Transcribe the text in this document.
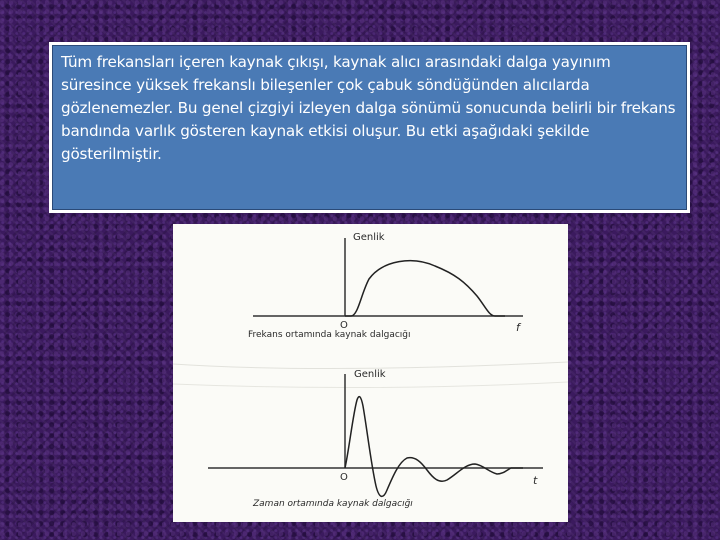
Tüm frekansları içeren kaynak çıkışı, kaynak alıcı arasındaki dalga yayınım süresince yüksek frekanslı bileşenler çok çabuk söndüğünden alıcılarda gözlenemezler. Bu genel çizgiyi izleyen dalga sönümü sonucunda belirli bir frekans bandında varlık gösteren kaynak etkisi oluşur. Bu etki aşağıdaki şekilde gösterilmiştir.

Genlik
O	f
Frekans ortamında kaynak dalgacığı
Genlik
O	t
Zaman ortamında kaynak dalgacığı
